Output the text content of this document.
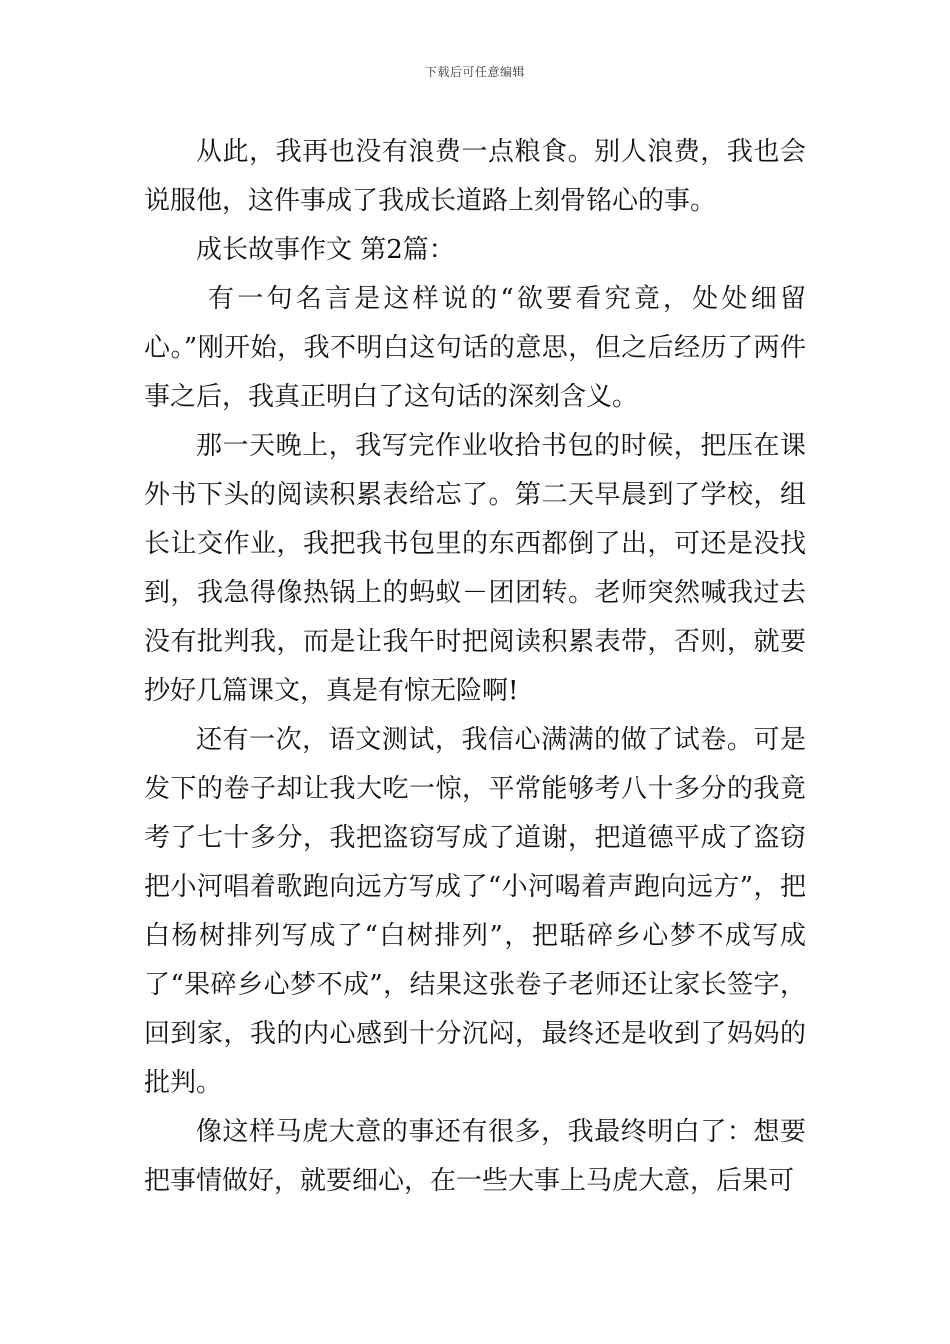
下载后可任意编辑

从此，我再也没有浪费一点粮食。别人浪费，我也会说服他，这件事成了我成长道路上刻骨铭心的事。

成长故事作文 第2篇：

有一句名言是这样说的“欲要看究竟，处处细留心。”刚开始，我不明白这句话的意思，但之后经历了两件事之后，我真正明白了这句话的深刻含义。

那一天晚上，我写完作业收拾书包的时候，把压在课外书下头的阅读积累表给忘了。第二天早晨到了学校，组长让交作业，我把我书包里的东西都倒了出，可还是没找到，我急得像热锅上的蚂蚁－团团转。老师突然喊我过去没有批判我，而是让我午时把阅读积累表带，否则，就要抄好几篇课文，真是有惊无险啊!

还有一次，语文测试，我信心满满的做了试卷。可是发下的卷子却让我大吃一惊，平常能够考八十多分的我竟考了七十多分，我把盗窃写成了道谢，把道德平成了盗窃把小河唱着歌跑向远方写成了“小河喝着声跑向远方”，把白杨树排列写成了“白树排列”，把聒碎乡心梦不成写成了“果碎乡心梦不成”，结果这张卷子老师还让家长签字，回到家，我的内心感到十分沉闷，最终还是收到了妈妈的批判。

像这样马虎大意的事还有很多，我最终明白了：想要把事情做好，就要细心，在一些大事上马虎大意，后果可
